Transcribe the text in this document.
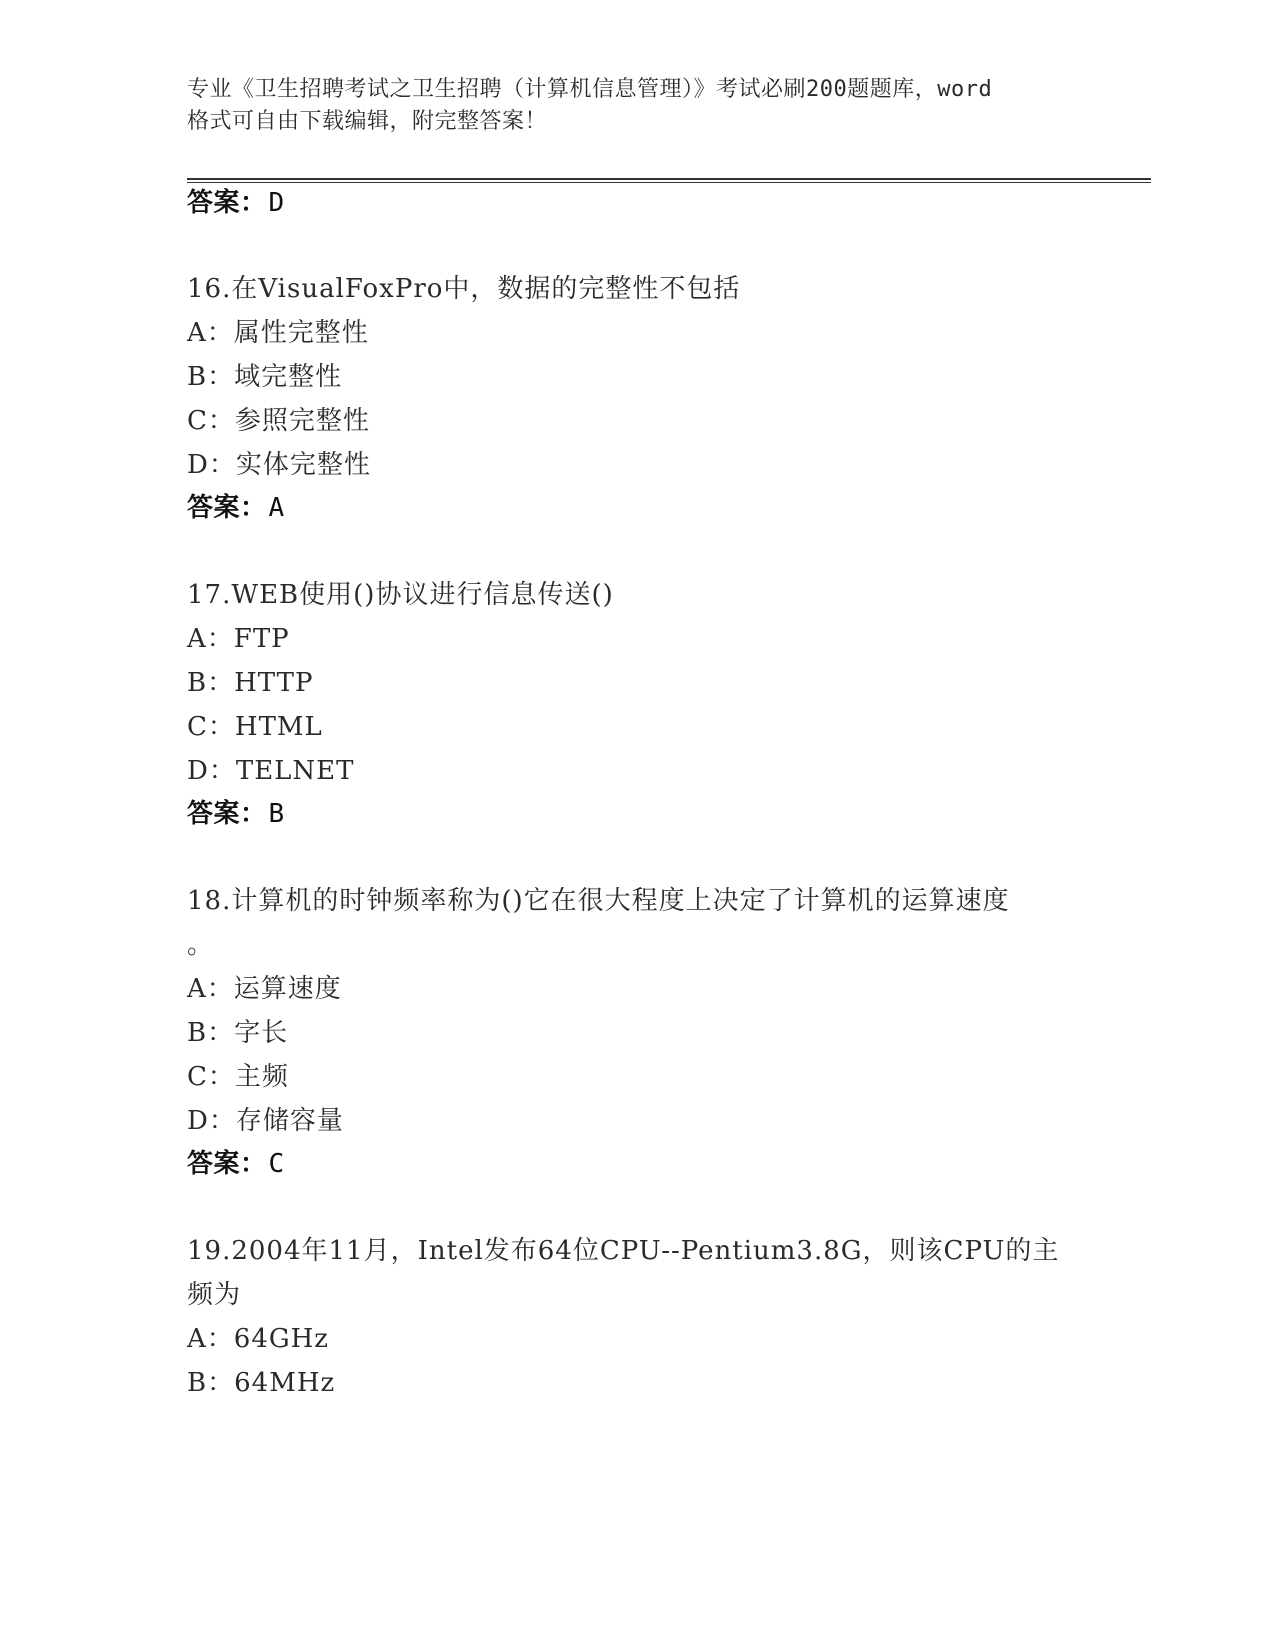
专业《卫生招聘考试之卫生招聘（计算机信息管理）》考试必刷200题题库，word
格式可自由下载编辑，附完整答案！
答案：D
16.在VisualFoxPro中，数据的完整性不包括
A：属性完整性
B：域完整性
C：参照完整性
D：实体完整性
答案：A
17.WEB使用()协议进行信息传送()
A：FTP
B：HTTP
C：HTML
D：TELNET
答案：B
18.计算机的时钟频率称为()它在很大程度上决定了计算机的运算速度
。
A：运算速度
B：字长
C：主频
D：存储容量
答案：C
19.2004年11月，Intel发布64位CPU--Pentium3.8G，则该CPU的主
频为
A：64GHz
B：64MHz
